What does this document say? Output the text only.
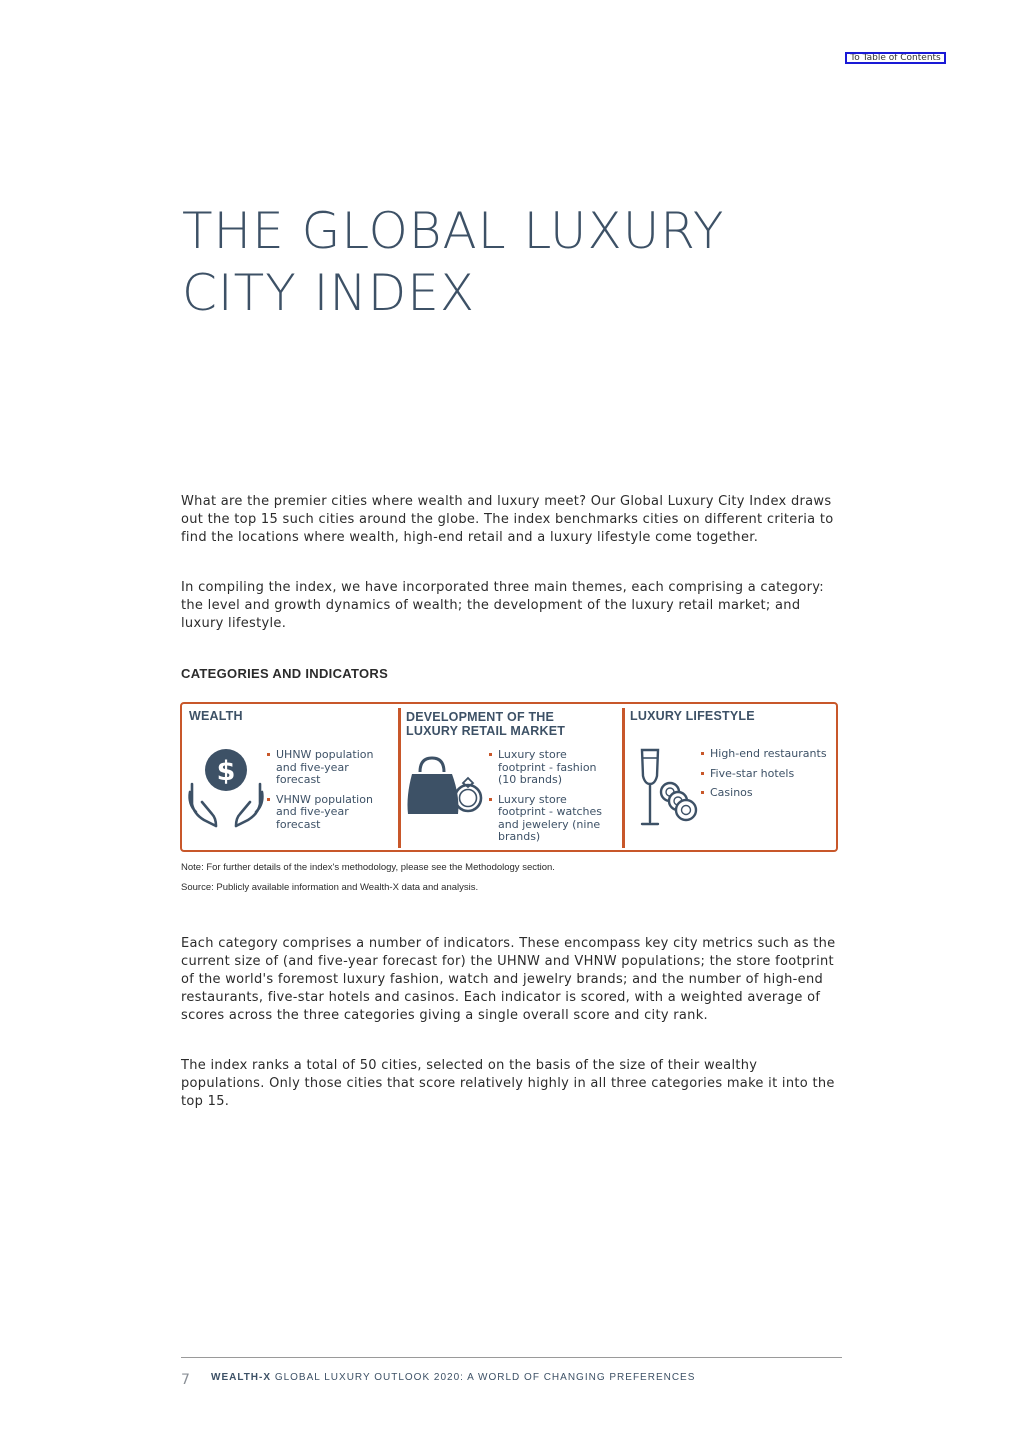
To Table of Contents
THE GLOBAL LUXURY
CITY INDEX

What are the premier cities where wealth and luxury meet? Our Global Luxury City Index draws out the top 15 such cities around the globe. The index benchmarks cities on different criteria to find the locations where wealth, high-end retail and a luxury lifestyle come together.

In compiling the index, we have incorporated three main themes, each comprising a category: the level and growth dynamics of wealth; the development of the luxury retail market; and luxury lifestyle.

CATEGORIES AND INDICATORS

WEALTH

$
UHNW population and five-year forecast
VHNW population and five-year forecast

DEVELOPMENT OF THE
LUXURY RETAIL MARKET

Luxury store footprint - fashion (10 brands)
Luxury store footprint - watches and jewelery (nine brands)

LUXURY LIFESTYLE

High-end restaurants
Five-star hotels
Casinos

Note: For further details of the index's methodology, please see the Methodology section.

Source: Publicly available information and Wealth-X data and analysis.

Each category comprises a number of indicators. These encompass key city metrics such as the current size of (and five-year forecast for) the UHNW and VHNW populations; the store footprint of the world's foremost luxury fashion, watch and jewelry brands; and the number of high-end restaurants, five-star hotels and casinos. Each indicator is scored, with a weighted average of scores across the three categories giving a single overall score and city rank.

The index ranks a total of 50 cities, selected on the basis of the size of their wealthy populations. Only those cities that score relatively highly in all three categories make it into the top 15.

7 WEALTH-X GLOBAL LUXURY OUTLOOK 2020: A WORLD OF CHANGING PREFERENCES
